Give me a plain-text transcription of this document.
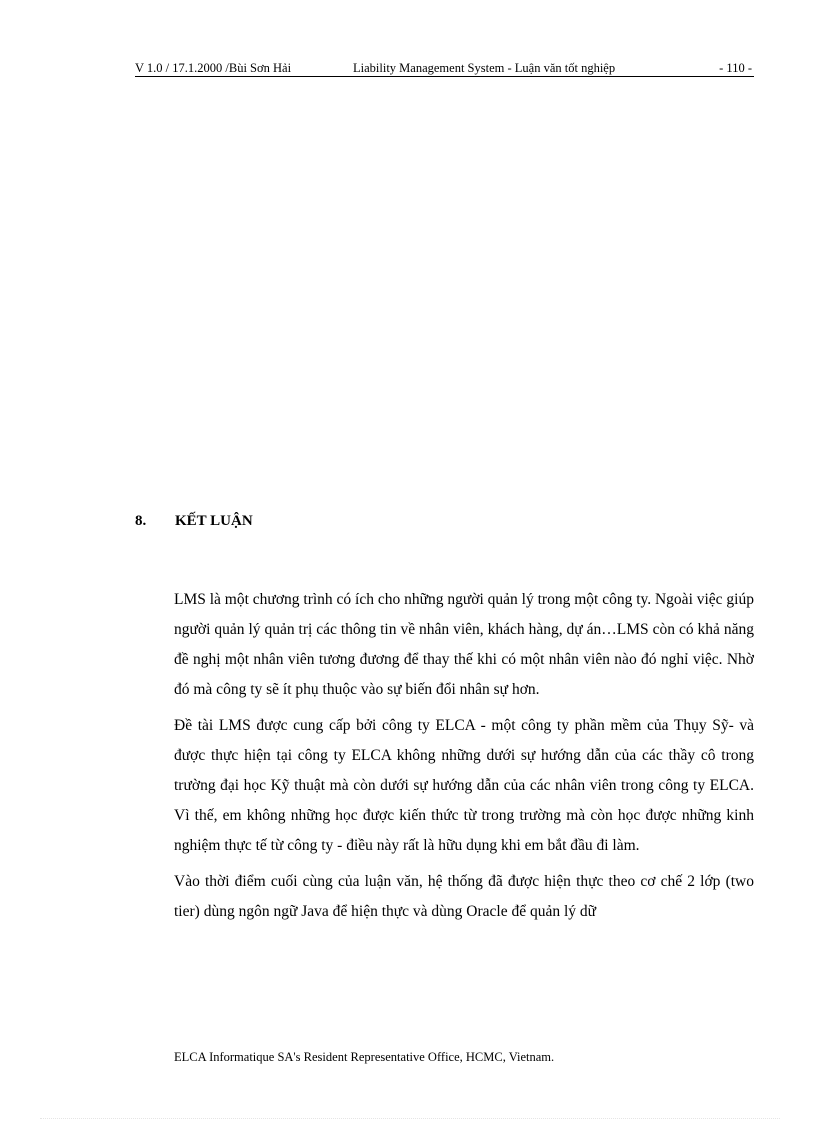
V 1.0 / 17.1.2000 /Bùi Sơn Hải	Liability Management System - Luận văn tốt nghiệp	- 110 -
8. KẾT LUẬN

LMS là một chương trình có ích cho những người quản lý trong một công ty. Ngoài việc giúp người quản lý quản trị các thông tin về nhân viên, khách hàng, dự án…LMS còn có khả năng đề nghị một nhân viên tương đương để thay thế khi có một nhân viên nào đó nghỉ việc. Nhờ đó mà công ty sẽ ít phụ thuộc vào sự biến đổi nhân sự hơn.

Đề tài LMS được cung cấp bởi công ty ELCA - một công ty phần mềm của Thụy Sỹ- và được thực hiện tại công ty ELCA không những dưới sự hướng dẫn của các thầy cô trong trường đại học Kỹ thuật mà còn dưới sự hướng dẫn của các nhân viên trong công ty ELCA. Vì thế, em không những học được kiến thức từ trong trường mà còn học được những kinh nghiệm thực tế từ công ty - điều này rất là hữu dụng khi em bắt đầu đi làm.

Vào thời điểm cuối cùng của luận văn, hệ thống đã được hiện thực theo cơ chế 2 lớp (two tier) dùng ngôn ngữ Java để hiện thực và dùng Oracle để quản lý dữ

ELCA Informatique SA's Resident Representative Office, HCMC, Vietnam.
